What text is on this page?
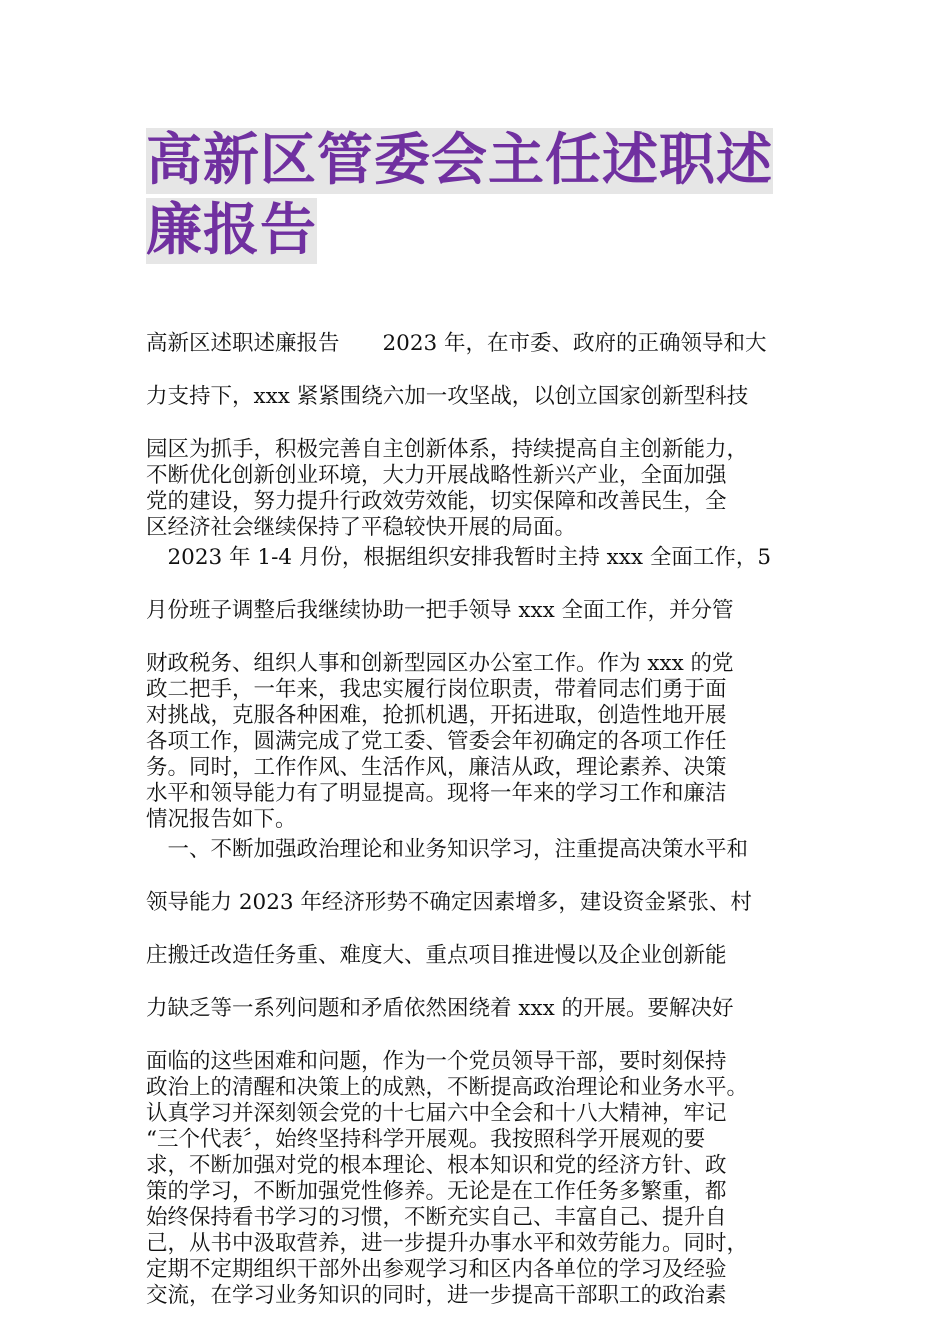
高新区管委会主任述职述
廉报告
高新区述职述廉报告　　2023 年，在市委、政府的正确领导和大
力支持下，xxx 紧紧围绕六加一攻坚战，以创立国家创新型科技
园区为抓手，积极完善自主创新体系，持续提高自主创新能力，
不断优化创新创业环境，大力开展战略性新兴产业，全面加强
党的建设，努力提升行政效劳效能，切实保障和改善民生，全
区经济社会继续保持了平稳较快开展的局面。
　2023 年 1-4 月份，根据组织安排我暂时主持 xxx 全面工作，5
月份班子调整后我继续协助一把手领导 xxx 全面工作，并分管
财政税务、组织人事和创新型园区办公室工作。作为 xxx 的党
政二把手，一年来，我忠实履行岗位职责，带着同志们勇于面
对挑战，克服各种困难，抢抓机遇，开拓进取，创造性地开展
各项工作，圆满完成了党工委、管委会年初确定的各项工作任
务。同时，工作作风、生活作风，廉洁从政，理论素养、决策
水平和领导能力有了明显提高。现将一年来的学习工作和廉洁
情况报告如下。
　一、不断加强政治理论和业务知识学习，注重提高决策水平和
领导能力 2023 年经济形势不确定因素增多，建设资金紧张、村
庄搬迁改造任务重、难度大、重点项目推进慢以及企业创新能
力缺乏等一系列问题和矛盾依然困绕着 xxx 的开展。要解决好
面临的这些困难和问题，作为一个党员领导干部，要时刻保持
政治上的清醒和决策上的成熟，不断提高政治理论和业务水平。
认真学习并深刻领会党的十七届六中全会和十八大精神，牢记
“三个代表〞，始终坚持科学开展观。我按照科学开展观的要
求，不断加强对党的根本理论、根本知识和党的经济方针、政
策的学习，不断加强党性修养。无论是在工作任务多繁重，都
始终保持看书学习的习惯，不断充实自己、丰富自己、提升自
己，从书中汲取营养，进一步提升办事水平和效劳能力。同时，
定期不定期组织干部外出参观学习和区内各单位的学习及经验
交流，在学习业务知识的同时，进一步提高干部职工的政治素
